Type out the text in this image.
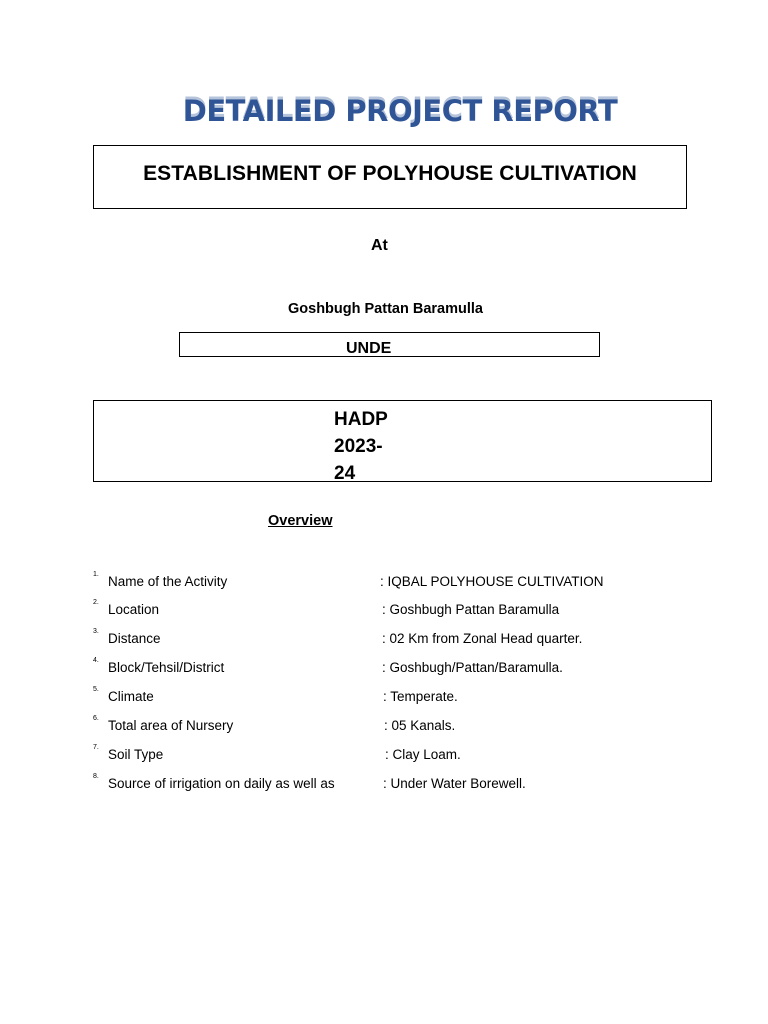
DETAILED PROJECT REPORT
ESTABLISHMENT OF POLYHOUSE CULTIVATION
At
Goshbugh Pattan Baramulla
UNDE
HADP
2023-
24
Overview
1. Name of the Activity	: IQBAL POLYHOUSE CULTIVATION
2. Location	: Goshbugh Pattan Baramulla
3. Distance	: 02 Km from Zonal Head quarter.
4. Block/Tehsil/District	: Goshbugh/Pattan/Baramulla.
5. Climate	: Temperate.
6. Total area of Nursery	: 05 Kanals.
7. Soil Type	: Clay Loam.
8. Source of irrigation on daily as well as	: Under Water Borewell.
